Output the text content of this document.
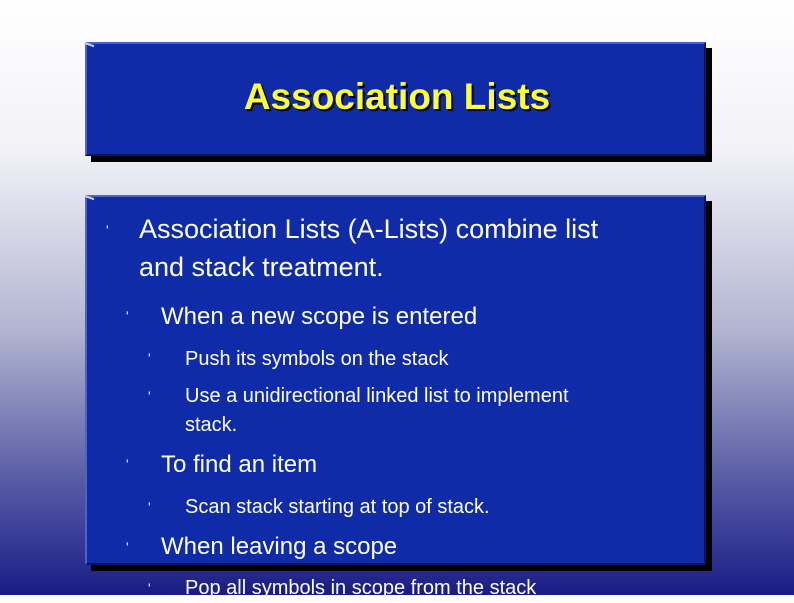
Association Lists
' Association Lists (A-Lists) combine list
and stack treatment.
' When a new scope is entered
' Push its symbols on the stack
' Use a unidirectional linked list to implement
stack.
' To find an item
' Scan stack starting at top of stack.
' When leaving a scope
' Pop all symbols in scope from the stack
